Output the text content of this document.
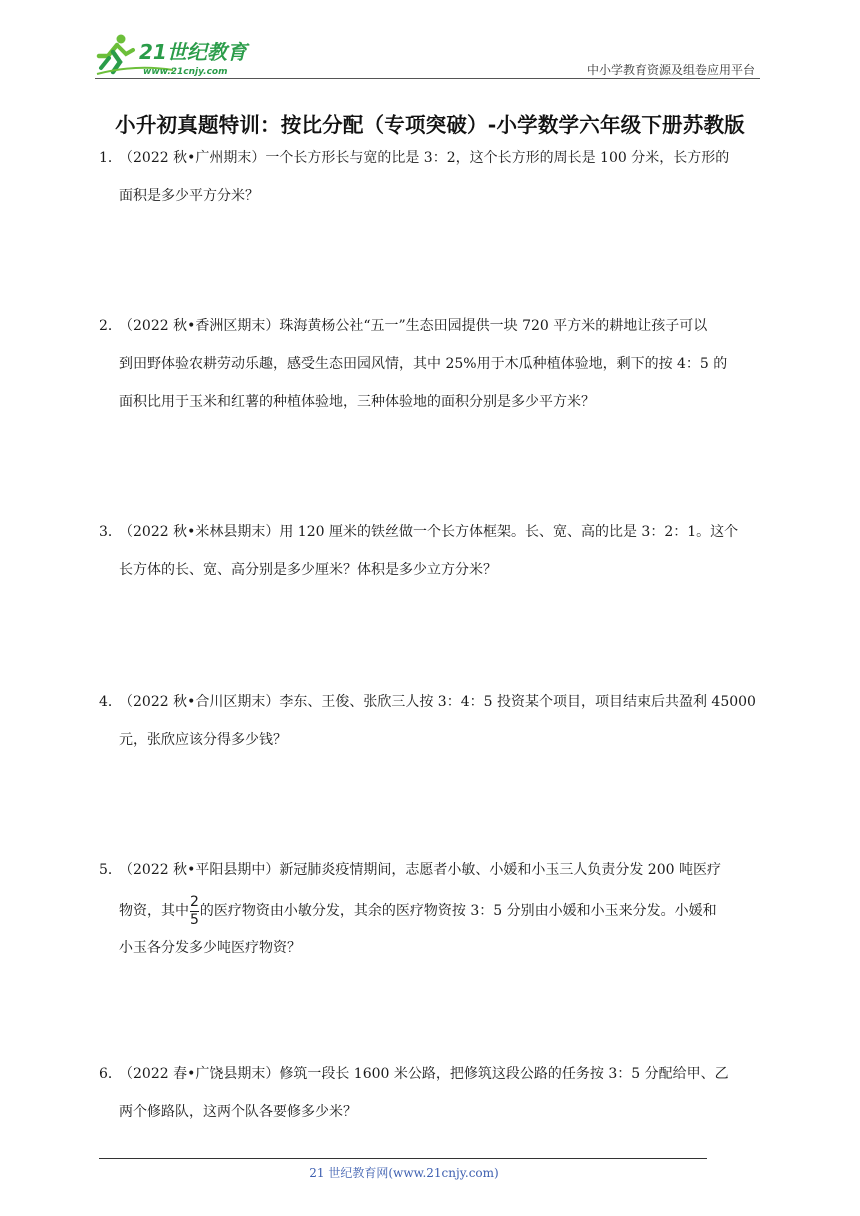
21世纪教育
www.21cnjy.com	中小学教育资源及组卷应用平台
小升初真题特训：按比分配（专项突破）-小学数学六年级下册苏教版
1．（2022 秋•广州期末）一个长方形长与宽的比是 3：2，这个长方形的周长是 100 分米，长方形的
面积是多少平方分米？
2．（2022 秋•香洲区期末）珠海黄杨公社“五一”生态田园提供一块 720 平方米的耕地让孩子可以
到田野体验农耕劳动乐趣，感受生态田园风情，其中 25%用于木瓜种植体验地，剩下的按 4：5 的
面积比用于玉米和红薯的种植体验地，三种体验地的面积分别是多少平方米？
3．（2022 秋•米林县期末）用 120 厘米的铁丝做一个长方体框架。长、宽、高的比是 3：2：1。这个
长方体的长、宽、高分别是多少厘米？体积是多少立方分米？
4．（2022 秋•合川区期末）李东、王俊、张欣三人按 3：4：5 投资某个项目，项目结束后共盈利 45000
元，张欣应该分得多少钱？
5．（2022 秋•平阳县期中）新冠肺炎疫情期间，志愿者小敏、小媛和小玉三人负责分发 200 吨医疗
物资，其中 $\frac{2}{5}$ 的医疗物资由小敏分发，其余的医疗物资按 3：5 分别由小媛和小玉来分发。小媛和
小玉各分发多少吨医疗物资？
6．（2022 春•广饶县期末）修筑一段长 1600 米公路，把修筑这段公路的任务按 3：5 分配给甲、乙
两个修路队，这两个队各要修多少米？
21 世纪教育网(www.21cnjy.com)
